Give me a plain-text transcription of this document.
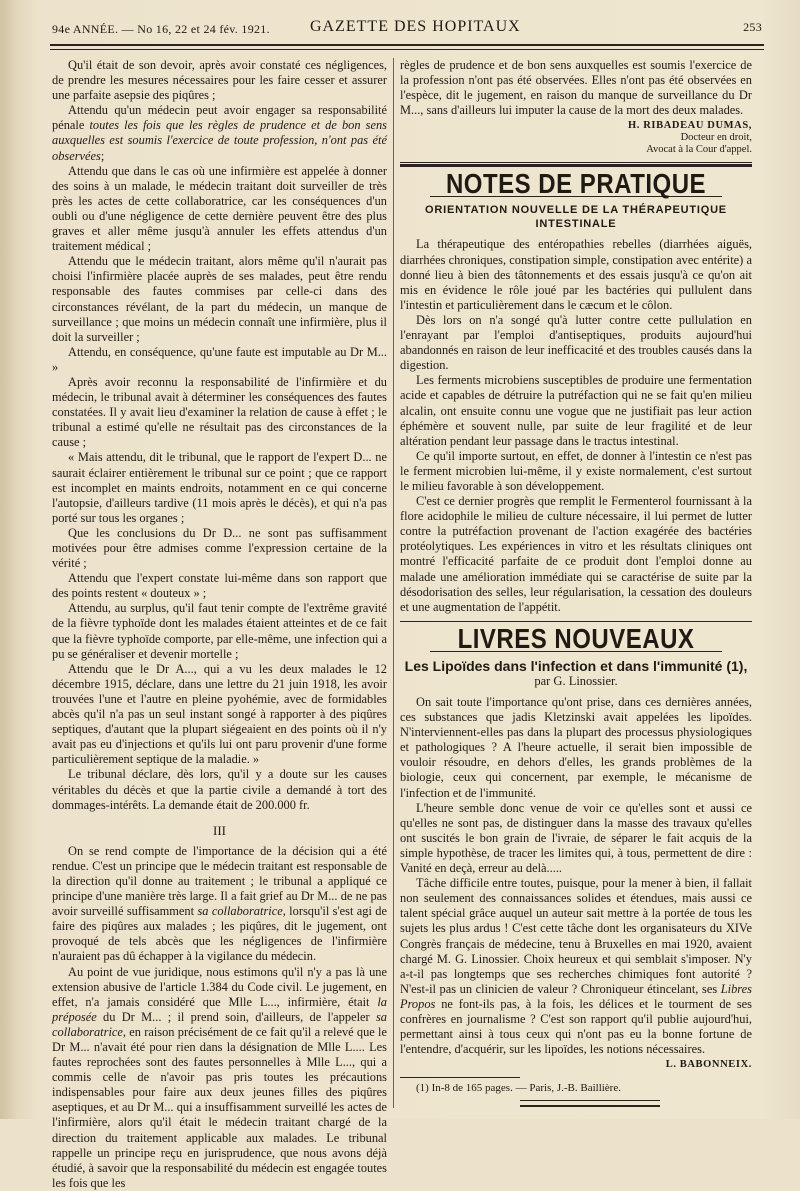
94e ANNÉE. — No 16, 22 et 24 fév. 1921.	GAZETTE DES HOPITAUX	253

Qu'il était de son devoir, après avoir constaté ces négligences, de prendre les mesures nécessaires pour les faire cesser et assurer une parfaite asepsie des piqûres ;

Attendu qu'un médecin peut avoir engager sa responsabilité pénale toutes les fois que les règles de prudence et de bon sens auxquelles est soumis l'exercice de toute profession, n'ont pas été observées;

Attendu que dans le cas où une infirmière est appelée à donner des soins à un malade, le médecin traitant doit surveiller de très près les actes de cette collaboratrice, car les conséquences d'un oubli ou d'une négligence de cette dernière peuvent être des plus graves et aller même jusqu'à annuler les effets attendus d'un traitement médical ;

Attendu que le médecin traitant, alors même qu'il n'aurait pas choisi l'infirmière placée auprès de ses malades, peut être rendu responsable des fautes commises par celle-ci dans des circonstances révélant, de la part du médecin, un manque de surveillance ; que moins un médecin connaît une infirmière, plus il doit la surveiller ;

Attendu, en conséquence, qu'une faute est imputable au Dr M... »

Après avoir reconnu la responsabilité de l'infirmière et du médecin, le tribunal avait à déterminer les conséquences des fautes constatées. Il y avait lieu d'examiner la relation de cause à effet ; le tribunal a estimé qu'elle ne résultait pas des circonstances de la cause ;

« Mais attendu, dit le tribunal, que le rapport de l'expert D... ne saurait éclairer entièrement le tribunal sur ce point ; que ce rapport est incomplet en maints endroits, notamment en ce qui concerne l'autopsie, d'ailleurs tardive (11 mois après le décès), et qui n'a pas porté sur tous les organes ;

Que les conclusions du Dr D... ne sont pas suffisamment motivées pour être admises comme l'expression certaine de la vérité ;

Attendu que l'expert constate lui-même dans son rapport que des points restent « douteux » ;

Attendu, au surplus, qu'il faut tenir compte de l'extrême gravité de la fièvre typhoïde dont les malades étaient atteintes et de ce fait que la fièvre typhoïde comporte, par elle-même, une infection qui a pu se généraliser et devenir mortelle ;

Attendu que le Dr A..., qui a vu les deux malades le 12 décembre 1915, déclare, dans une lettre du 21 juin 1918, les avoir trouvées l'une et l'autre en pleine pyohémie, avec de formidables abcès qu'il n'a pas un seul instant songé à rapporter à des piqûres septiques, d'autant que la plupart siégeaient en des points où il n'y avait pas eu d'injections et qu'ils lui ont paru provenir d'une forme particulièrement septique de la maladie. »

Le tribunal déclare, dès lors, qu'il y a doute sur les causes véritables du décès et que la partie civile a demandé à tort des dommages-intérêts. La demande était de 200.000 fr.

III

On se rend compte de l'importance de la décision qui a été rendue. C'est un principe que le médecin traitant est responsable de la direction qu'il donne au traitement ; le tribunal a appliqué ce principe d'une manière très large. Il a fait grief au Dr M... de ne pas avoir surveillé suffisamment sa collaboratrice, lorsqu'il s'est agi de faire des piqûres aux malades ; les piqûres, dit le jugement, ont provoqué de tels abcès que les négligences de l'infirmière n'auraient pas dû échapper à la vigilance du médecin.

Au point de vue juridique, nous estimons qu'il n'y a pas là une extension abusive de l'article 1.384 du Code civil. Le jugement, en effet, n'a jamais considéré que Mlle L..., infirmière, était la préposée du Dr M... ; il prend soin, d'ailleurs, de l'appeler sa collaboratrice, en raison précisément de ce fait qu'il a relevé que le Dr M... n'avait été pour rien dans la désignation de Mlle L.... Les fautes reprochées sont des fautes personnelles à Mlle L..., qui a commis celle de n'avoir pas pris toutes les précautions indispensables pour faire aux deux jeunes filles des piqûres aseptiques, et au Dr M... qui a insuffisamment surveillé les actes de l'infirmière, alors qu'il était le médecin traitant chargé de la direction du traitement applicable aux malades. Le tribunal rappelle un principe reçu en jurisprudence, que nous avons déjà étudié, à savoir que la responsabilité du médecin est engagée toutes les fois que les

règles de prudence et de bon sens auxquelles est soumis l'exercice de la profession n'ont pas été observées. Elles n'ont pas été observées en l'espèce, dit le jugement, en raison du manque de surveillance du Dr M..., sans d'ailleurs lui imputer la cause de la mort des deux malades.

H. RIBADEAU DUMAS,
Docteur en droit,
Avocat à la Cour d'appel.
NOTES DE PRATIQUE
ORIENTATION NOUVELLE DE LA THÉRAPEUTIQUE
INTESTINALE

La thérapeutique des entéropathies rebelles (diarrhées aiguës, diarrhées chroniques, constipation simple, constipation avec entérite) a donné lieu à bien des tâtonnements et des essais jusqu'à ce qu'on ait mis en évidence le rôle joué par les bactéries qui pullulent dans l'intestin et particulièrement dans le cæcum et le côlon.

Dès lors on n'a songé qu'à lutter contre cette pullulation en l'enrayant par l'emploi d'antiseptiques, produits aujourd'hui abandonnés en raison de leur inefficacité et des troubles causés dans la digestion.

Les ferments microbiens susceptibles de produire une fermentation acide et capables de détruire la putréfaction qui ne se fait qu'en milieu alcalin, ont ensuite connu une vogue que ne justifiait pas leur action éphémère et souvent nulle, par suite de leur fragilité et de leur altération pendant leur passage dans le tractus intestinal.

Ce qu'il importe surtout, en effet, de donner à l'intestin ce n'est pas le ferment microbien lui-même, il y existe normalement, c'est surtout le milieu favorable à son développement.

C'est ce dernier progrès que remplit le Fermenterol fournissant à la flore acidophile le milieu de culture nécessaire, il lui permet de lutter contre la putréfaction provenant de l'action exagérée des bactéries protéolytiques. Les expériences in vitro et les résultats cliniques ont montré l'efficacité parfaite de ce produit dont l'emploi donne au malade une amélioration immédiate qui se caractérise de suite par la désodorisation des selles, leur régularisation, la cessation des douleurs et une augmentation de l'appétit.

LIVRES NOUVEAUX
Les Lipoïdes dans l'infection et dans l'immunité (1),
par G. Linossier.

On sait toute l'importance qu'ont prise, dans ces dernières années, ces substances que jadis Kletzinski avait appelées les lipoïdes. N'interviennent-elles pas dans la plupart des processus physiologiques et pathologiques ? A l'heure actuelle, il serait bien impossible de vouloir résoudre, en dehors d'elles, les grands problèmes de la biologie, ceux qui concernent, par exemple, le mécanisme de l'infection et de l'immunité.

L'heure semble donc venue de voir ce qu'elles sont et aussi ce qu'elles ne sont pas, de distinguer dans la masse des travaux qu'elles ont suscités le bon grain de l'ivraie, de séparer le fait acquis de la simple hypothèse, de tracer les limites qui, à tous, permettent de dire : Vanité en deçà, erreur au delà.....

Tâche difficile entre toutes, puisque, pour la mener à bien, il fallait non seulement des connaissances solides et étendues, mais aussi ce talent spécial grâce auquel un auteur sait mettre à la portée de tous les sujets les plus ardus ! C'est cette tâche dont les organisateurs du XIVe Congrès français de médecine, tenu à Bruxelles en mai 1920, avaient chargé M. G. Linossier. Choix heureux et qui semblait s'imposer. N'y a-t-il pas longtemps que ses recherches chimiques font autorité ? N'est-il pas un clinicien de valeur ? Chroniqueur étincelant, ses Libres Propos ne font-ils pas, à la fois, les délices et le tourment de ses confrères en journalisme ? C'est son rapport qu'il publie aujourd'hui, permettant ainsi à tous ceux qui n'ont pas eu la bonne fortune de l'entendre, d'acquérir, sur les lipoïdes, les notions nécessaires.

L. BABONNEIX.

(1) In-8 de 165 pages. — Paris, J.-B. Baillière.
